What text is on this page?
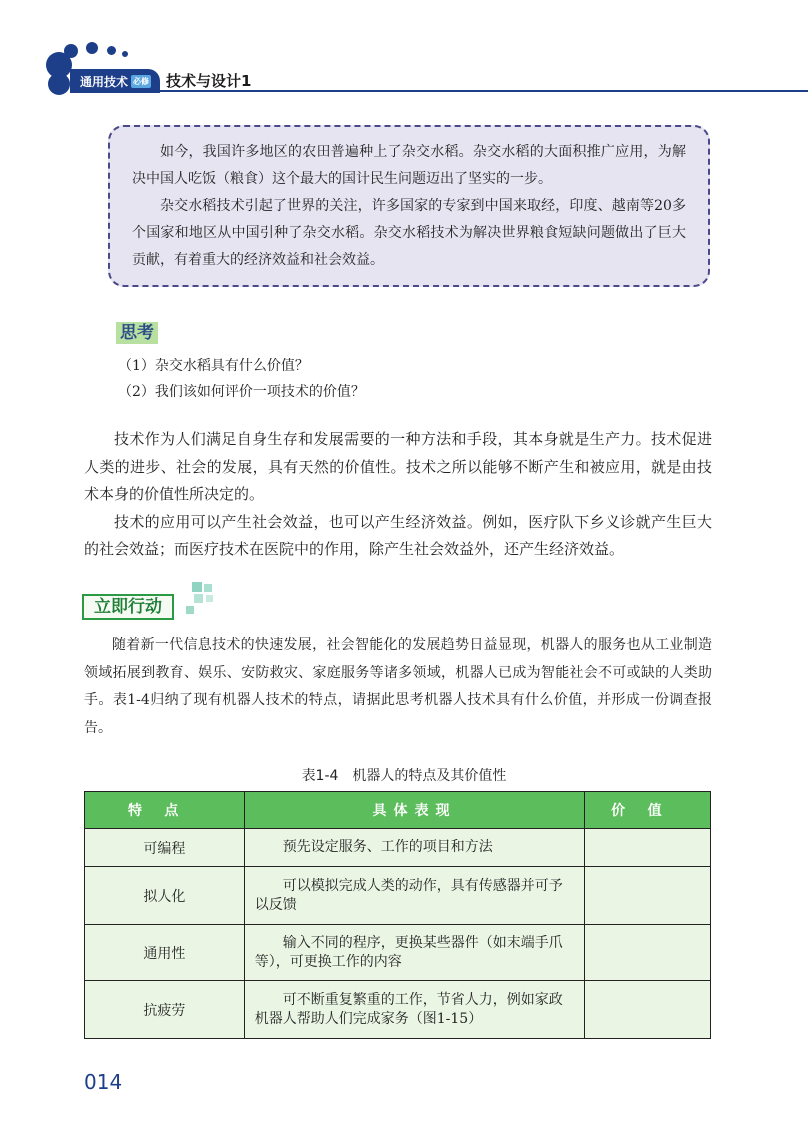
通用技术 必修 技术与设计1

如今，我国许多地区的农田普遍种上了杂交水稻。杂交水稻的大面积推广应用，为解决中国人吃饭（粮食）这个最大的国计民生问题迈出了坚实的一步。

杂交水稻技术引起了世界的关注，许多国家的专家到中国来取经，印度、越南等20多个国家和地区从中国引种了杂交水稻。杂交水稻技术为解决世界粮食短缺问题做出了巨大贡献，有着重大的经济效益和社会效益。

思考
（1）杂交水稻具有什么价值？
（2）我们该如何评价一项技术的价值？

技术作为人们满足自身生存和发展需要的一种方法和手段，其本身就是生产力。技术促进人类的进步、社会的发展，具有天然的价值性。技术之所以能够不断产生和被应用，就是由技术本身的价值性所决定的。

技术的应用可以产生社会效益，也可以产生经济效益。例如，医疗队下乡义诊就产生巨大的社会效益；而医疗技术在医院中的作用，除产生社会效益外，还产生经济效益。

立即行动

随着新一代信息技术的快速发展，社会智能化的发展趋势日益显现，机器人的服务也从工业制造领域拓展到教育、娱乐、安防救灾、家庭服务等诸多领域，机器人已成为智能社会不可或缺的人类助手。表1-4归纳了现有机器人技术的特点，请据此思考机器人技术具有什么价值，并形成一份调查报告。

表1-4　机器人的特点及其价值性
特点	具体表现	价值
可编程	预先设定服务、工作的项目和方法	
拟人化	可以模拟完成人类的动作，具有传感器并可予以反馈	
通用性	输入不同的程序，更换某些器件（如末端手爪等），可更换工作的内容	
抗疲劳	可不断重复繁重的工作，节省人力，例如家政机器人帮助人们完成家务（图1-15）	
014
